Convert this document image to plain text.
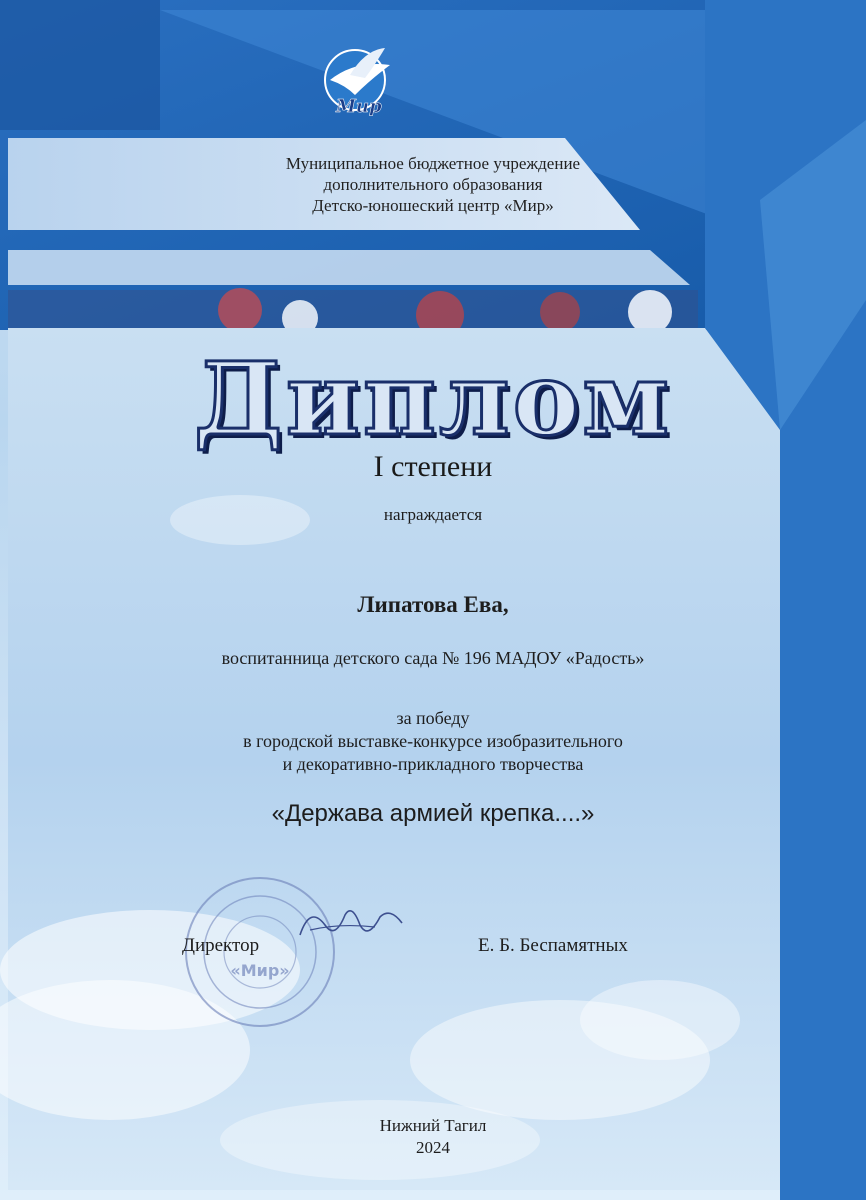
Мир
Муниципальное бюджетное учреждение
дополнительного образования
Детско-юношеский центр «Мир»
Диплом
I степени
награждается
Липатова Ева,
воспитанница детского сада № 196 МАДОУ «Радость»
за победу
в городской выставке-конкурсе изобразительного
и декоративно-прикладного творчества
«Держава армией крепка....»
«Мир»
Директор	Е. Б. Беспамятных
Нижний Тагил
2024
